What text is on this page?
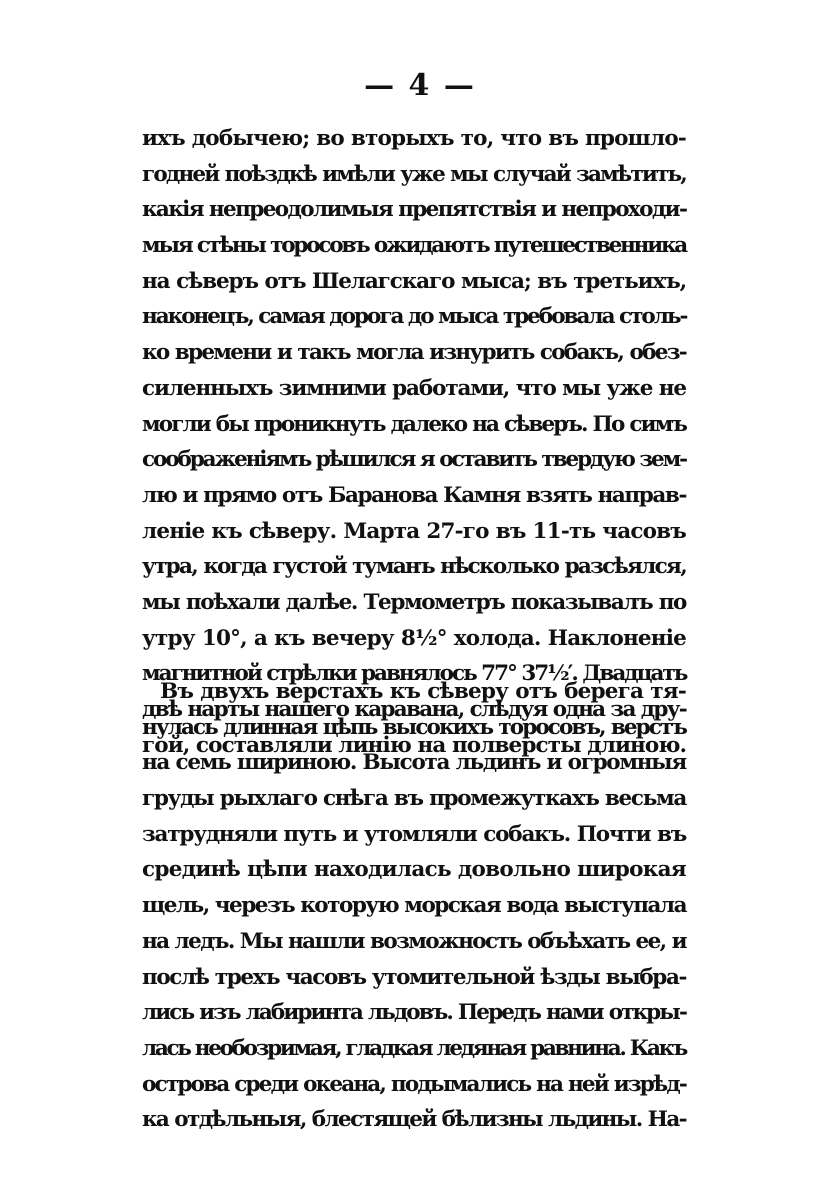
— 4 —
ихъ добычею; во вторыхъ то, что въ прошло-
годней поѣздкѣ имѣли уже мы случай замѣтить,
какія непреодолимыя препятствія и непроходи-
мыя стѣны торосовъ ожидаютъ путешественника
на сѣверъ отъ Шелагскаго мыса; въ третьихъ,
наконецъ, самая дорога до мыса требовала столь-
ко времени и такъ могла изнурить собакъ, обез-
силенныхъ зимними работами, что мы уже не
могли бы проникнуть далеко на сѣверъ. По симъ
соображеніямъ рѣшился я оставить твердую зем-
лю и прямо отъ Баранова Камня взять направ-
леніе къ сѣверу. Марта 27-го въ 11-ть часовъ
утра, когда густой туманъ нѣсколько разсѣялся,
мы поѣхали далѣе. Термометръ показывалъ по
утру 10°, а къ вечеру 8½° холода. Наклоненіе
магнитной стрѣлки равнялось 77° 37½′. Двадцать
двѣ нарты нашего каравана, слѣдуя одна за дру-
гой, составляли линію на полверсты длиною.
Въ двухъ верстахъ къ сѣверу отъ берега тя-
нулась длинная цѣпь высокихъ торосовъ, верстъ
на семь шириною. Высота льдинъ и огромныя
груды рыхлаго снѣга въ промежуткахъ весьма
затрудняли путь и утомляли собакъ. Почти въ
срединѣ цѣпи находилась довольно широкая
щель, черезъ которую морская вода выступала
на ледъ. Мы нашли возможность объѣхать ее, и
послѣ трехъ часовъ утомительной ѣзды выбра-
лись изъ лабиринта льдовъ. Передъ нами откры-
лась необозримая, гладкая ледяная равнина. Какъ
острова среди океана, подымались на ней изрѣд-
ка отдѣльныя, блестящей бѣлизны льдины. На-
